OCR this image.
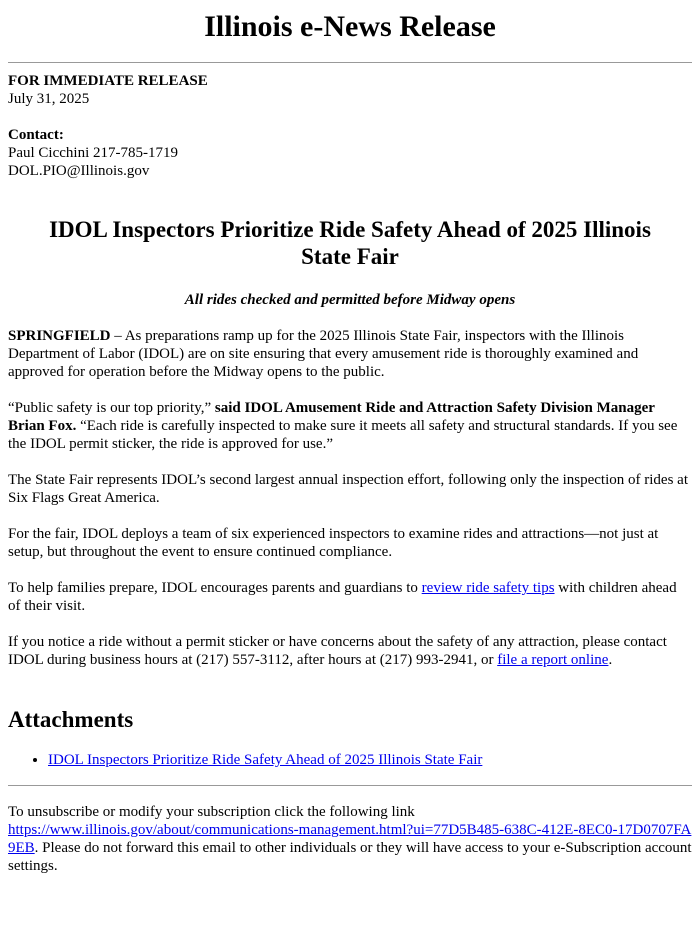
Illinois e-News Release
FOR IMMEDIATE RELEASE
July 31, 2025
Contact:
Paul Cicchini 217-785-1719
DOL.PIO@Illinois.gov
IDOL Inspectors Prioritize Ride Safety Ahead of 2025 Illinois State Fair
All rides checked and permitted before Midway opens

SPRINGFIELD – As preparations ramp up for the 2025 Illinois State Fair, inspectors with the Illinois Department of Labor (IDOL) are on site ensuring that every amusement ride is thoroughly examined and approved for operation before the Midway opens to the public.

“Public safety is our top priority,” said IDOL Amusement Ride and Attraction Safety Division Manager Brian Fox. “Each ride is carefully inspected to make sure it meets all safety and structural standards. If you see the IDOL permit sticker, the ride is approved for use.”

The State Fair represents IDOL’s second largest annual inspection effort, following only the inspection of rides at Six Flags Great America.

For the fair, IDOL deploys a team of six experienced inspectors to examine rides and attractions—not just at setup, but throughout the event to ensure continued compliance.

To help families prepare, IDOL encourages parents and guardians to review ride safety tips with children ahead of their visit.

If you notice a ride without a permit sticker or have concerns about the safety of any attraction, please contact IDOL during business hours at (217) 557-3112, after hours at (217) 993-2941, or file a report online.

Attachments
• IDOL Inspectors Prioritize Ride Safety Ahead of 2025 Illinois State Fair
To unsubscribe or modify your subscription click the following link
https://www.illinois.gov/about/communications-management.html?ui=77D5B485-638C-412E-8EC0-17D0707FA9EB. Please do not forward this email to other individuals or they will have access to your e-Subscription account settings.
